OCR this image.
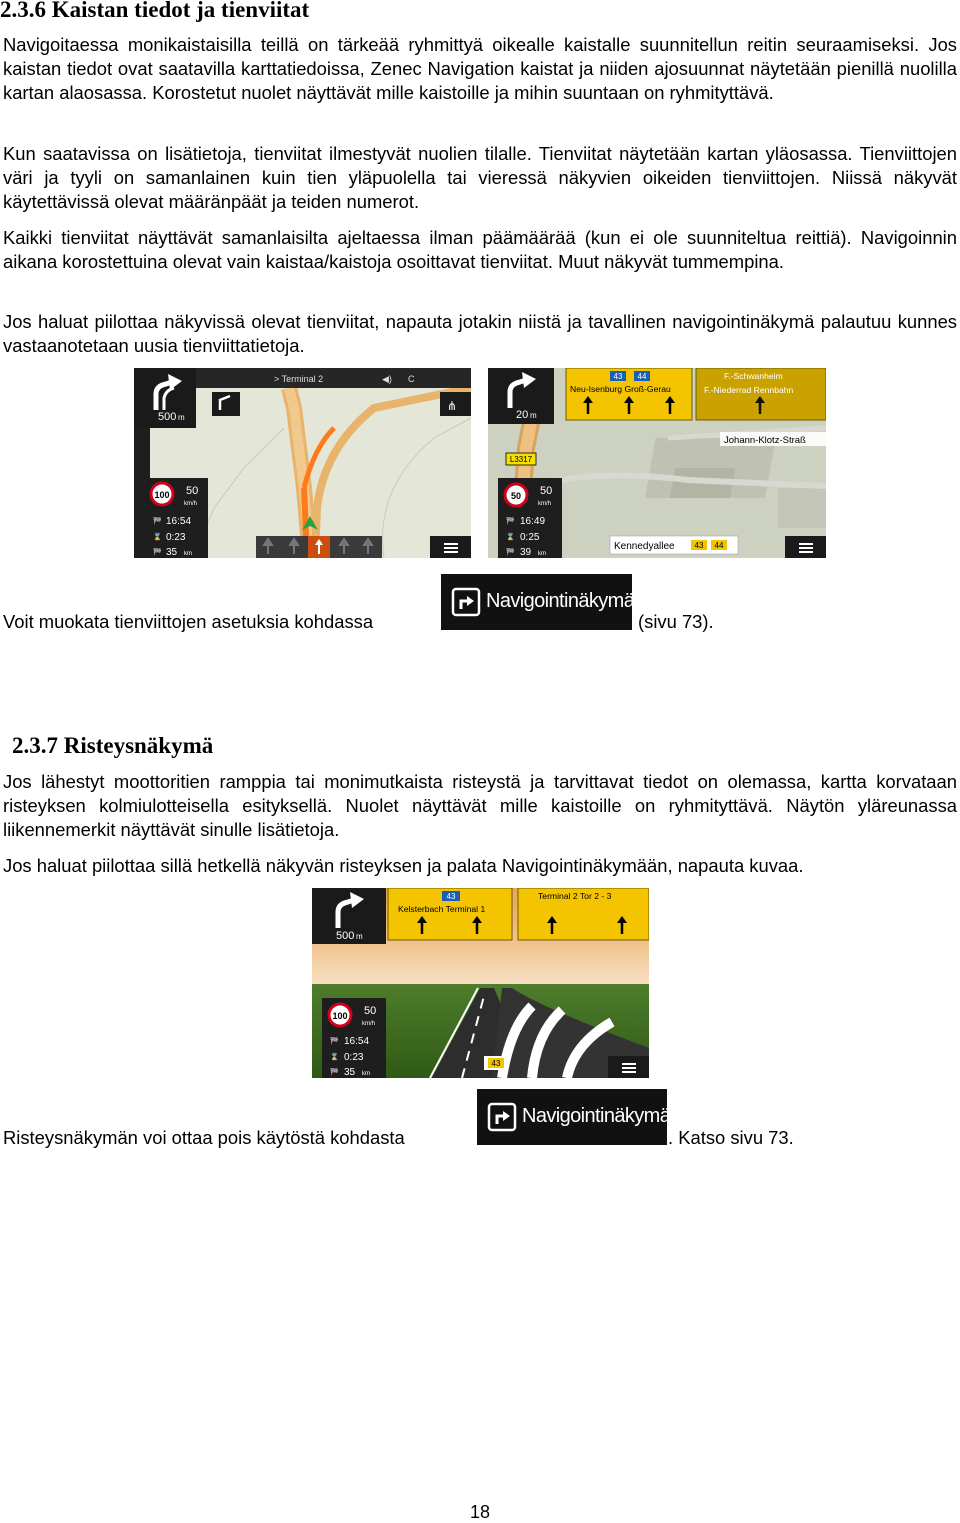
2.3.6 Kaistan tiedot ja tienviitat

Navigoitaessa monikaistaisilla teillä on tärkeää ryhmittyä oikealle kaistalle suunnitellun reitin seuraamiseksi. Jos kaistan tiedot ovat saatavilla karttatiedoissa, Zenec Navigation kaistat ja niiden ajosuunnat näytetään pienillä nuolilla kartan alaosassa. Korostetut nuolet näyttävät mille kaistoille ja mihin suuntaan on ryhmityttävä.

Kun saatavissa on lisätietoja, tienviitat ilmestyvät nuolien tilalle. Tienviitat näytetään kartan yläosassa. Tienviittojen väri ja tyyli on samanlainen kuin tien yläpuolella tai vieressä näkyvien oikeiden tienviittojen. Niissä näkyvät käytettävissä olevat määränpäät ja teiden numerot.

Kaikki tienviitat näyttävät samanlaisilta ajeltaessa ilman päämäärää (kun ei ole suunniteltua reittiä). Navigoinnin aikana korostettuina olevat vain kaistaa/kaistoja osoittavat tienviitat. Muut näkyvät tummempina.

Jos haluat piilottaa näkyvissä olevat tienviitat, napauta jotakin niistä ja tavallinen navigointinäkymä palautuu kunnes vastaanotetaan uusia tienviittatietoja.

> Terminal 2	◀) C
500 m
⋔
100 50
km/h
🏁 16:54
⌛ 0:23
🏁 35 km
20 m
43 44
Neu-Isenburg Groß-Gerau
F.-Schwanheim
F.-Niederrad Rennbahn
Johann-Klotz-Straß
L3317
50 50
km/h
🏁 16:49
⌛ 0:25
🏁 39 km
Kennedyallee 43 44
Voit muokata tienviittojen asetuksia kohdassa
Navigointinäkymä
(sivu 73).
2.3.7 Risteysnäkymä

Jos lähestyt moottoritien ramppia tai monimutkaista risteystä ja tarvittavat tiedot on olemassa, kartta korvataan risteyksen kolmiulotteisella esityksellä. Nuolet näyttävät mille kaistoille on ryhmityttävä. Näytön yläreunassa liikennemerkit näyttävät sinulle lisätietoja.

Jos haluat piilottaa sillä hetkellä näkyvän risteyksen ja palata Navigointinäkymään, napauta kuvaa.

500 m
43
Kelsterbach Terminal 1
Terminal 2 Tor 2 - 3
100 50
km/h
🏁 16:54
⌛ 0:23
🏁 35 km
43
Risteysnäkymän voi ottaa pois käytöstä kohdasta
Navigointinäkymä
. Katso sivu 73.
18
